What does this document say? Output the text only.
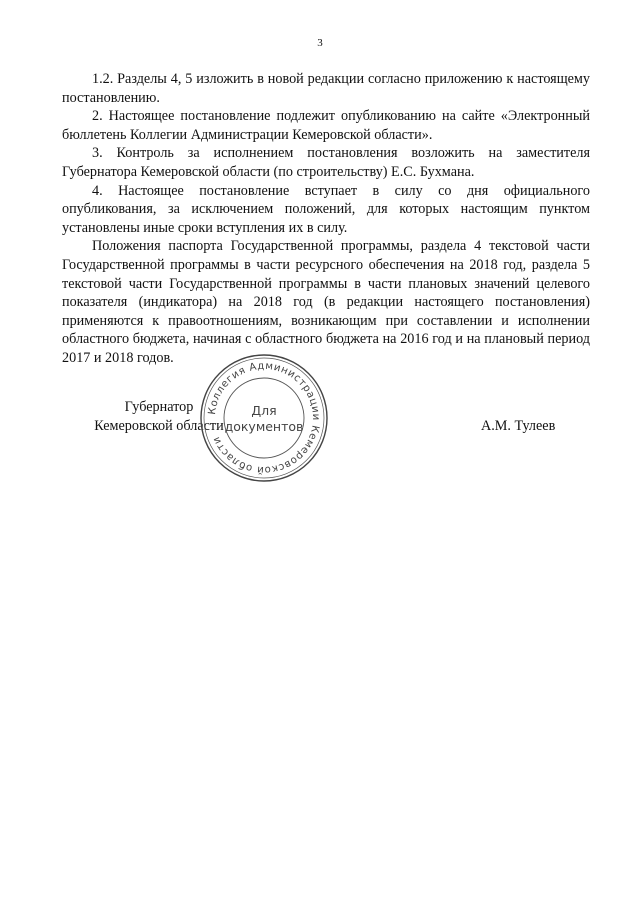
3

1.2. Разделы 4, 5 изложить в новой редакции согласно приложению к настоящему постановлению.

2. Настоящее постановление подлежит опубликованию на сайте «Электронный бюллетень Коллегии Администрации Кемеровской области».

3. Контроль за исполнением постановления возложить на заместителя Губернатора Кемеровской области (по строительству) Е.С. Бухмана.

4. Настоящее постановление вступает в силу со дня официального опубликования, за исключением положений, для которых настоящим пунктом установлены иные сроки вступления их в силу.

Положения паспорта Государственной программы, раздела 4 текстовой части Государственной программы в части ресурсного обеспечения на 2018 год, раздела 5 текстовой части Государственной программы в части плановых значений целевого показателя (индикатора) на 2018 год (в редакции настоящего постановления) применяются к правоотношениям, возникающим при составлении и исполнении областного бюджета, начиная с областного бюджета на 2016 год и на плановый период 2017 и 2018 годов.

Губернатор
Кемеровской области
Коллегия Администрации Кемеровской области
Для
документов	А.М. Тулеев
